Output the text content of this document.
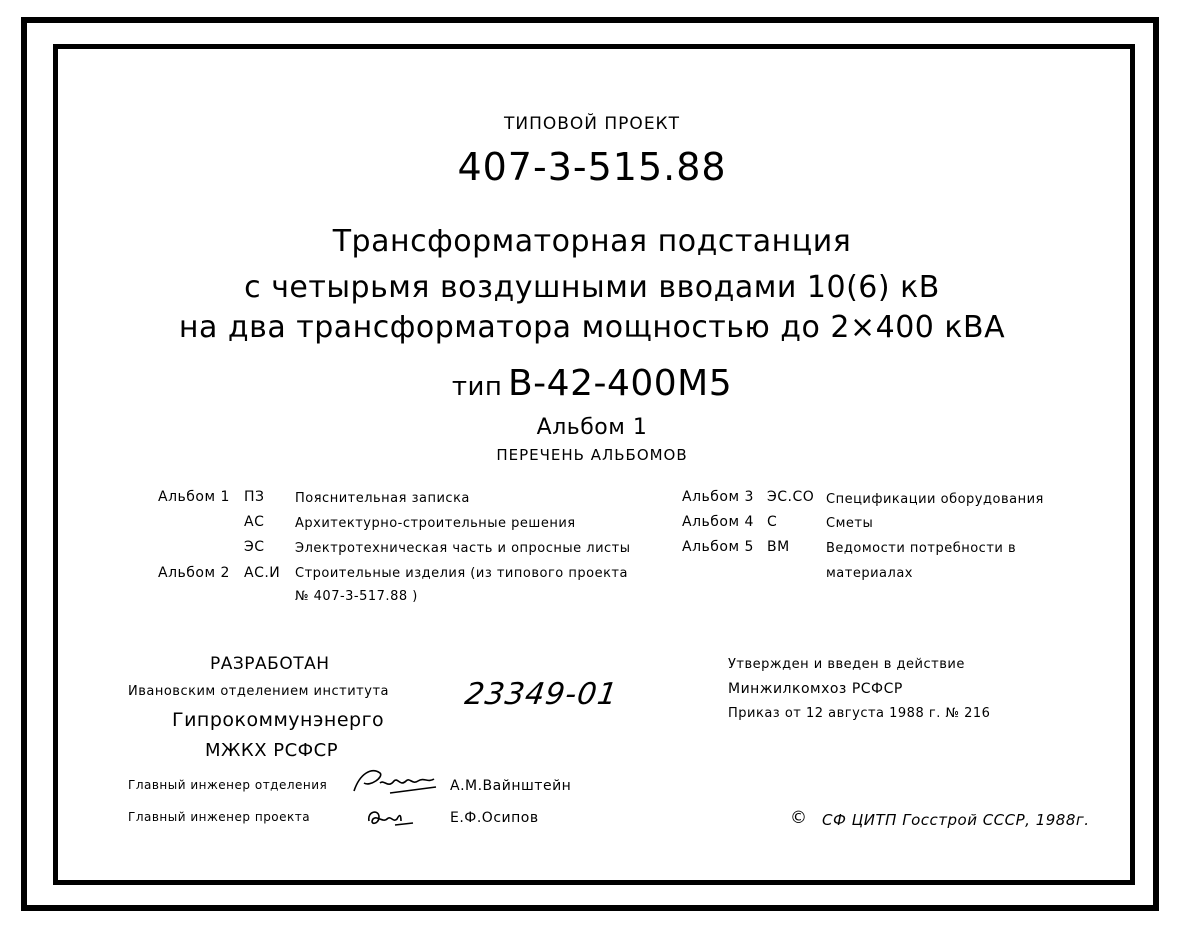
ТИПОВОЙ ПРОЕКТ
407-3-515.88
Трансформаторная подстанция
с четырьмя воздушными вводами 10(6) кВ
на два трансформатора мощностью до 2×400 кВА
тип В-42-400М5
Альбом 1
ПЕРЕЧЕНЬ АЛЬБОМОВ
Альбом 1 ПЗ Пояснительная записка
АС Архитектурно-строительные решения
ЭС Электротехническая часть и опросные листы
Альбом 2 АС.И Строительные изделия (из типового проекта
№ 407-3-517.88 )
Альбом 3 ЭС.СО Спецификации оборудования
Альбом 4 С	Сметы
Альбом 5 ВМ	Ведомости потребности в
материалах
РАЗРАБОТАН
Ивановским отделением института
Гипрокоммунэнерго
МЖКХ РСФСР
Главный инженер отделения	А.М.Вайнштейн
Главный инженер проекта	Е.Ф.Осипов
23349-01
Утвержден и введен в действие
Минжилкомхоз РСФСР
Приказ от 12 августа 1988 г. № 216
© СФ ЦИТП Госстрой СССР, 1988г.
